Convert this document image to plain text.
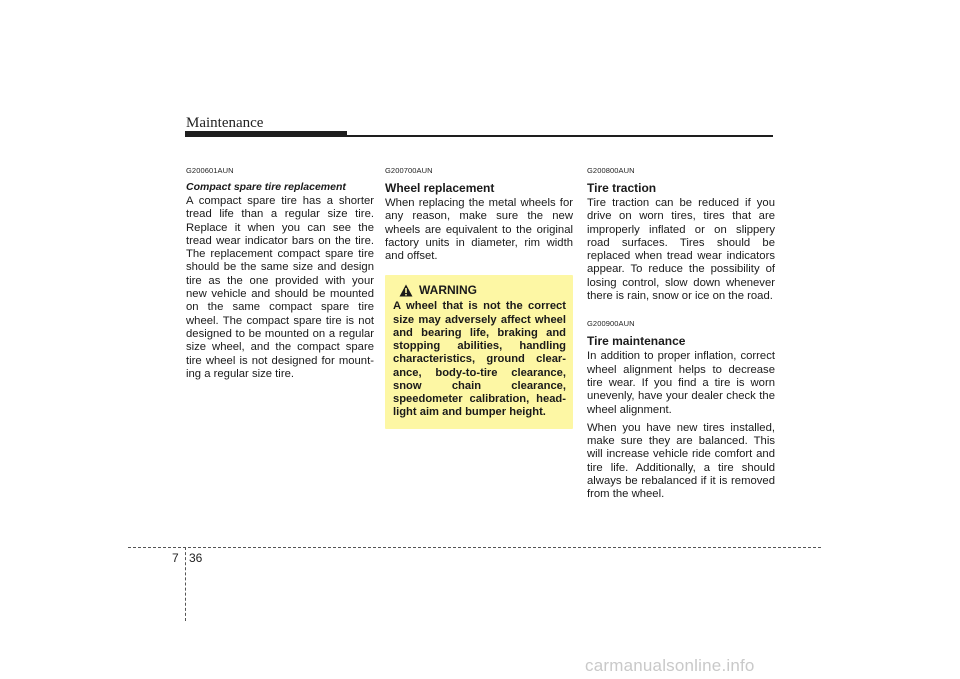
Maintenance

G200601AUN

Compact spare tire replacement

A compact spare tire has a shorter tread life than a regular size tire. Replace it when you can see the tread wear indicator bars on the tire. The replacement compact spare tire should be the same size and design tire as the one provided with your new vehicle and should be mounted on the same compact spare tire wheel. The compact spare tire is not designed to be mounted on a regular size wheel, and the compact spare tire wheel is not designed for mount-ing a regular size tire.

G200700AUN

Wheel replacement

When replacing the metal wheels for any reason, make sure the new wheels are equivalent to the original factory units in diameter, rim width and offset.

WARNING

A wheel that is not the correct size may adversely affect wheel and bearing life, braking and stopping abilities, handling characteristics, ground clear-ance, body-to-tire clearance, snow chain clearance, speedometer calibration, head-light aim and bumper height.

G200800AUN

Tire traction

Tire traction can be reduced if you drive on worn tires, tires that are improperly inflated or on slippery road surfaces. Tires should be replaced when tread wear indicators appear. To reduce the possibility of losing control, slow down whenever there is rain, snow or ice on the road.

G200900AUN

Tire maintenance

In addition to proper inflation, correct wheel alignment helps to decrease tire wear. If you find a tire is worn unevenly, have your dealer check the wheel alignment.

When you have new tires installed, make sure they are balanced. This will increase vehicle ride comfort and tire life. Additionally, a tire should always be rebalanced if it is removed from the wheel.

7 36
carmanualsonline.info
